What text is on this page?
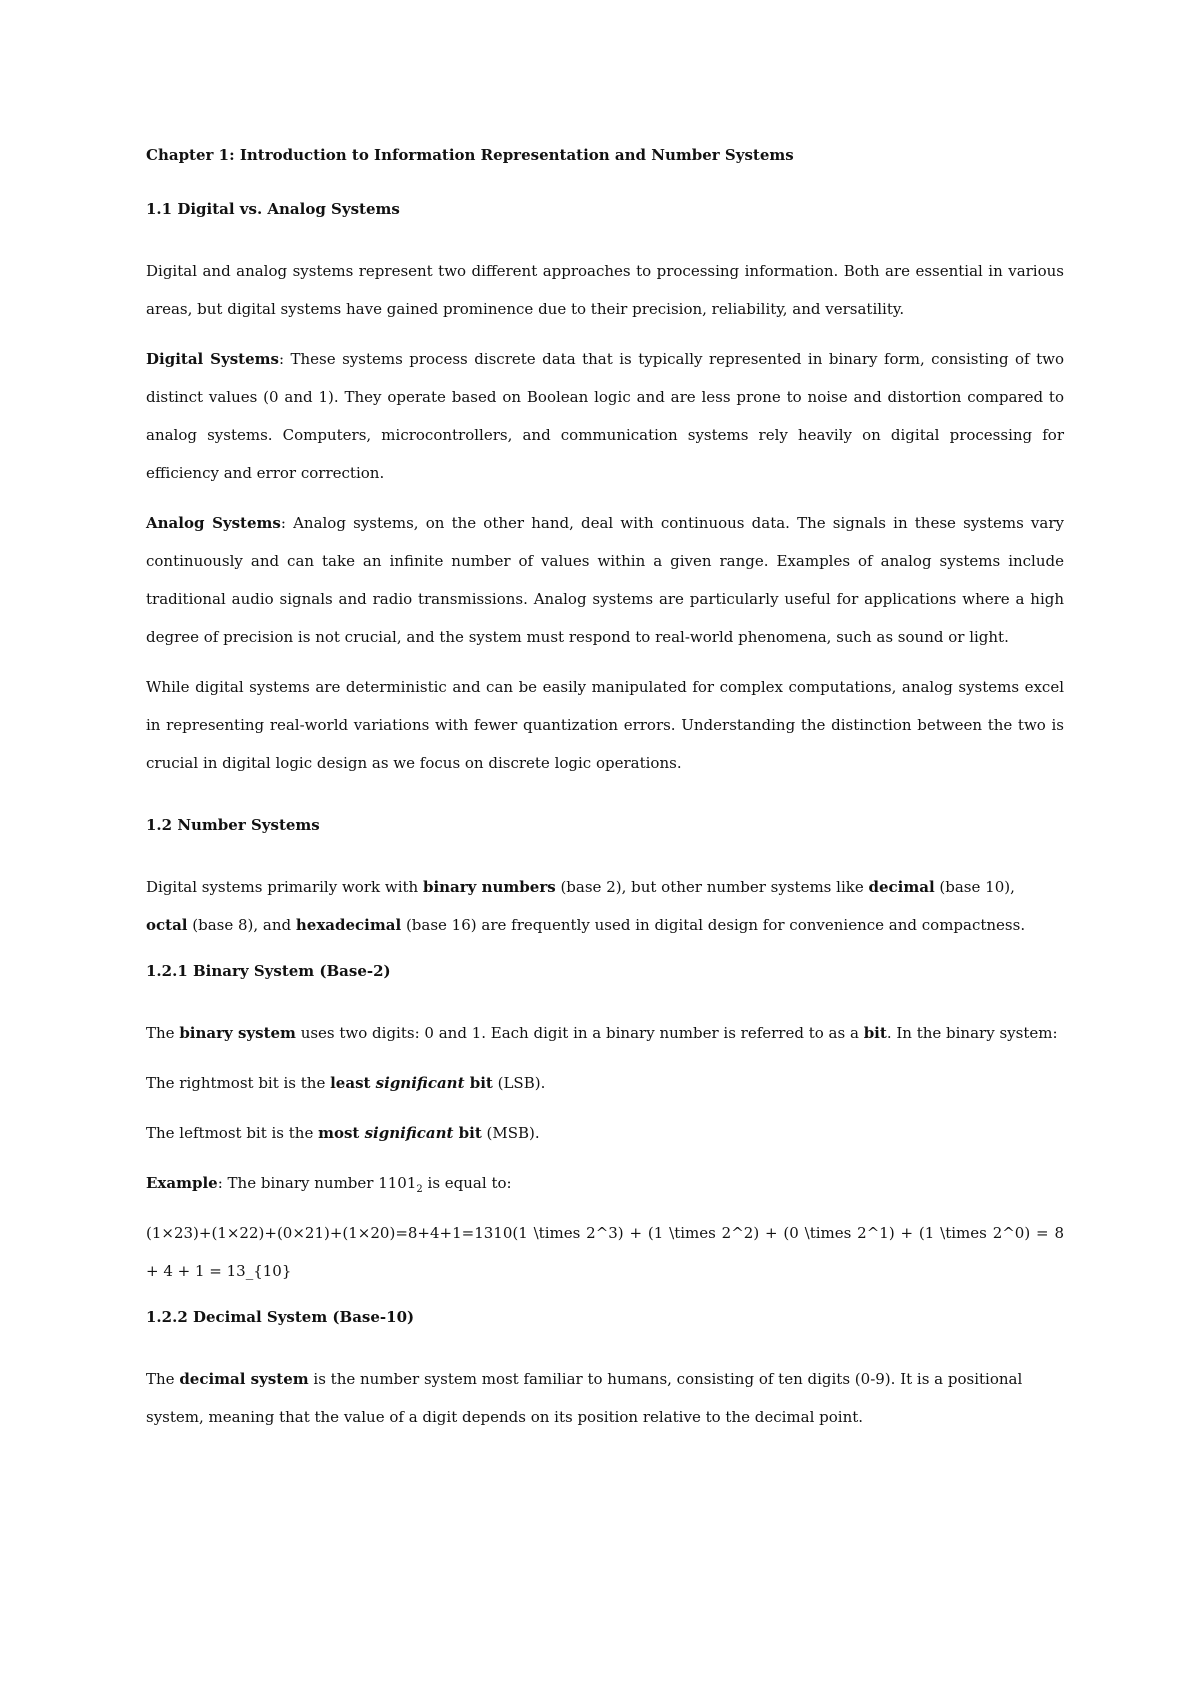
Chapter 1: Introduction to Information Representation and Number Systems

1.1 Digital vs. Analog Systems

Digital and analog systems represent two different approaches to processing information. Both are essential in various areas, but digital systems have gained prominence due to their precision, reliability, and versatility.

Digital Systems: These systems process discrete data that is typically represented in binary form, consisting of two distinct values (0 and 1). They operate based on Boolean logic and are less prone to noise and distortion compared to analog systems. Computers, microcontrollers, and communication systems rely heavily on digital processing for efficiency and error correction.

Analog Systems: Analog systems, on the other hand, deal with continuous data. The signals in these systems vary continuously and can take an infinite number of values within a given range. Examples of analog systems include traditional audio signals and radio transmissions. Analog systems are particularly useful for applications where a high degree of precision is not crucial, and the system must respond to real-world phenomena, such as sound or light.

While digital systems are deterministic and can be easily manipulated for complex computations, analog systems excel in representing real-world variations with fewer quantization errors. Understanding the distinction between the two is crucial in digital logic design as we focus on discrete logic operations.

1.2 Number Systems

Digital systems primarily work with binary numbers (base 2), but other number systems like decimal (base 10),
octal (base 8), and hexadecimal (base 16) are frequently used in digital design for convenience and compactness.

1.2.1 Binary System (Base-2)

The binary system uses two digits: 0 and 1. Each digit in a binary number is referred to as a bit. In the binary system:

The rightmost bit is the least significant bit (LSB).

The leftmost bit is the most significant bit (MSB).

Example: The binary number $1101_2$ is equal to:

(1×23)+(1×22)+(0×21)+(1×20)=8+4+1=1310(1 \times 2^3) + (1 \times 2^2) + (0 \times 2^1) + (1 \times 2^0) = 8 + 4 + 1 = 13_{10}

1.2.2 Decimal System (Base-10)

The decimal system is the number system most familiar to humans, consisting of ten digits (0-9). It is a positional system, meaning that the value of a digit depends on its position relative to the decimal point.
